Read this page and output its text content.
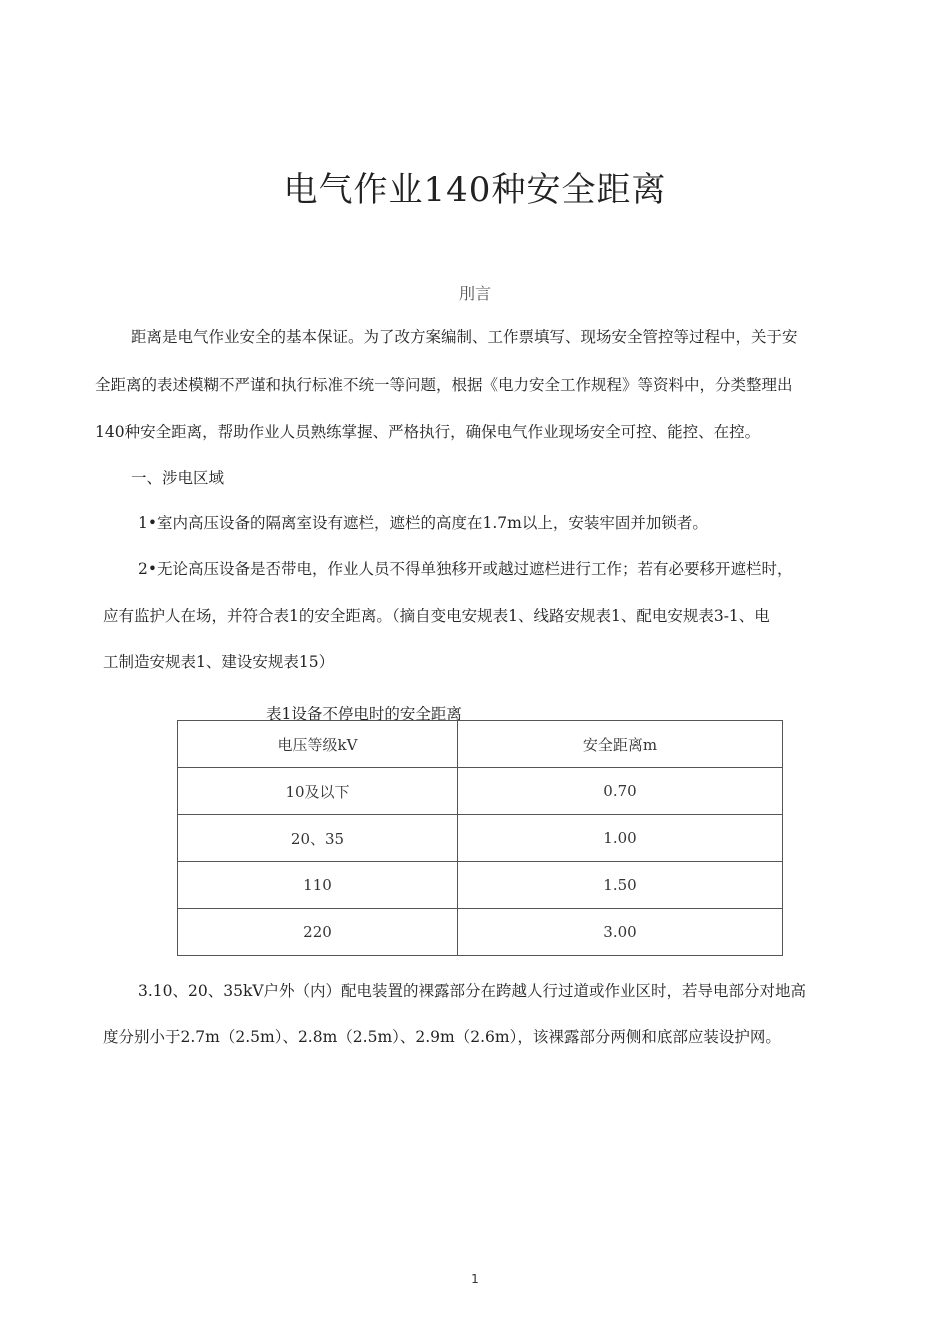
电气作业140种安全距离
刖言
距离是电气作业安全的基本保证。为了改方案编制、工作票填写、现场安全管控等过程中，关于安
全距离的表述模糊不严谨和执行标准不统一等问题，根据《电力安全工作规程》等资料中，分类整理出
140种安全距离，帮助作业人员熟练掌握、严格执行，确保电气作业现场安全可控、能控、在控。
一、涉电区域
1•室内高压设备的隔离室设有遮栏，遮栏的高度在1.7m以上，安装牢固并加锁者。
2•无论高压设备是否带电，作业人员不得单独移开或越过遮栏进行工作；若有必要移开遮栏时，
应有监护人在场，并符合表1的安全距离。（摘自变电安规表1、线路安规表1、配电安规表3-1、电
工制造安规表1、建设安规表15）
表1设备不停电时的安全距离
电压等级kV	安全距离m
10及以下	0.70
20、35	1.00
110	1.50
220	3.00
3.10、20、35kV户外（内）配电装置的裸露部分在跨越人行过道或作业区时，若导电部分对地高
度分别小于2.7m（2.5m）、2.8m（2.5m）、2.9m（2.6m），该裸露部分两侧和底部应装设护网。
1
